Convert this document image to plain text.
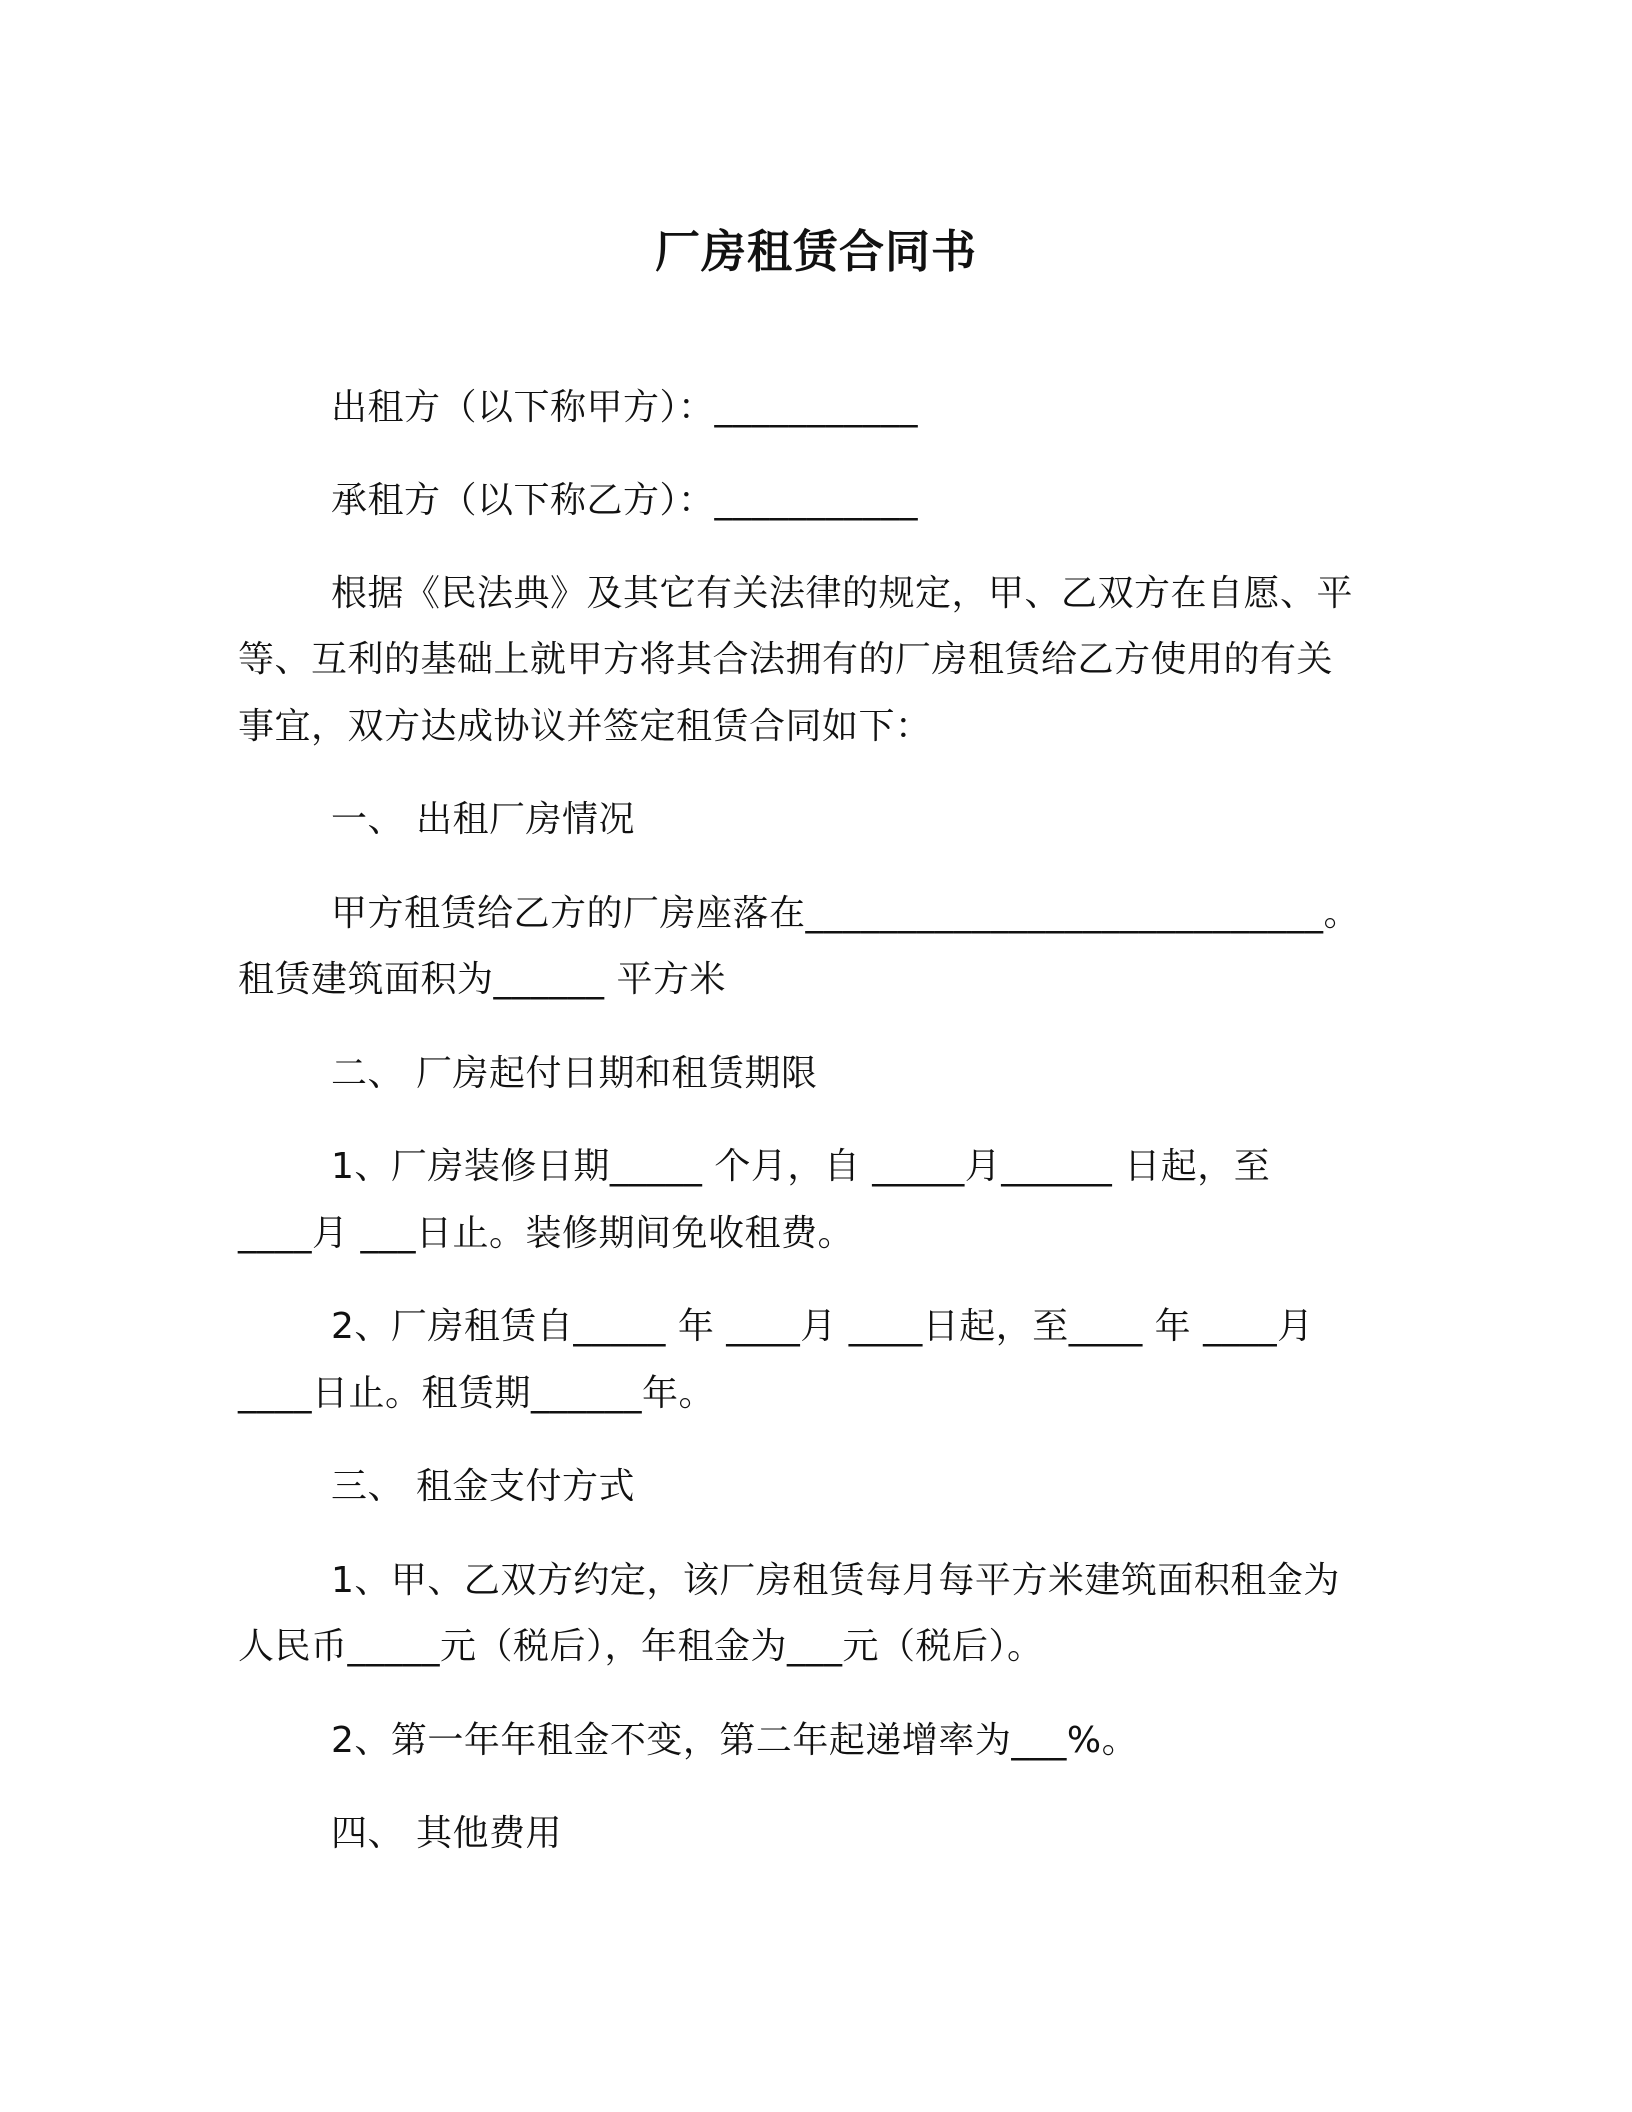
厂房租赁合同书
出租方（以下称甲方）：___________
承租方（以下称乙方）：___________
根据《民法典》及其它有关法律的规定，甲、乙双方在自愿、平
等、互利的基础上就甲方将其合法拥有的厂房租赁给乙方使用的有关
事宜，双方达成协议并签定租赁合同如下：
一、 出租厂房情况
甲方租赁给乙方的厂房座落在____________________________。
租赁建筑面积为______ 平方米
二、 厂房起付日期和租赁期限
1、厂房装修日期_____ 个月，自 _____月______ 日起，至
____月 ___日止。装修期间免收租费。
2、厂房租赁自_____ 年 ____月 ____日起，至____ 年 ____月
____日止。租赁期______年。
三、 租金支付方式
1、甲、乙双方约定，该厂房租赁每月每平方米建筑面积租金为
人民币_____元（税后），年租金为___元（税后）。
2、第一年年租金不变，第二年起递增率为___%。
四、 其他费用
